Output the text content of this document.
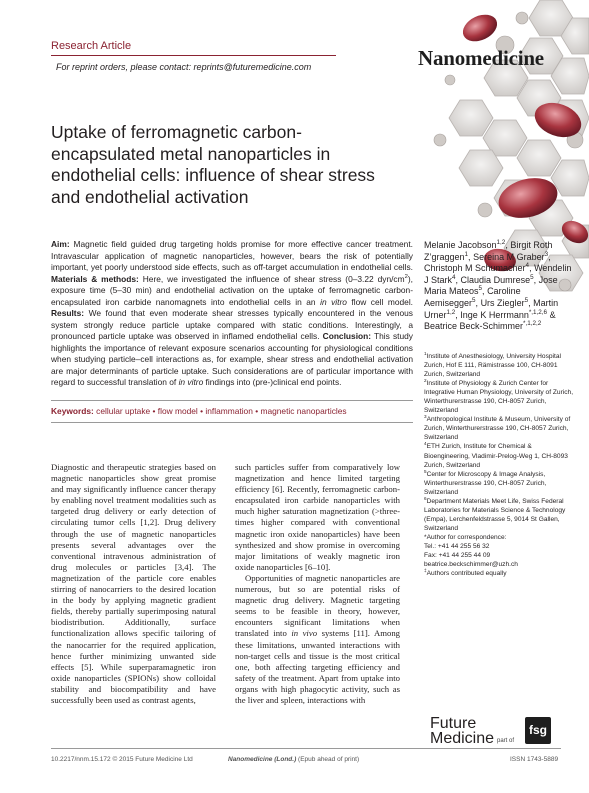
Research Article
For reprint orders, please contact: reprints@futuremedicine.com	Nanomedicine
Uptake of ferromagnetic carbon-encapsulated metal nanoparticles in endothelial cells: influence of shear stress and endothelial activation
Aim: Magnetic field guided drug targeting holds promise for more effective cancer treatment. Intravascular application of magnetic nanoparticles, however, bears the risk of potentially important, yet poorly understood side effects, such as off-target accumulation in endothelial cells. Materials & methods: Here, we investigated the influence of shear stress (0–3.22 dyn/$cm^2$), exposure time (5–30 min) and endothelial activation on the uptake of ferromagnetic carbon-encapsulated iron carbide nanomagnets into endothelial cells in an in vitro flow cell model. Results: We found that even moderate shear stresses typically encountered in the venous system strongly reduce particle uptake compared with static conditions. Interestingly, a pronounced particle uptake was observed in inflamed endothelial cells. Conclusion: This study highlights the importance of relevant exposure scenarios accounting for physiological conditions when studying particle–cell interactions as, for example, shear stress and endothelial activation are major determinants of particle uptake. Such considerations are of particular importance with regard to successful translation of in vitro findings into (pre-)clinical end points.
Keywords: cellular uptake • flow model • inflammation • magnetic nanoparticles
Melanie Jacobson$^{1,2}$, Birgit Roth Z’graggen$^1$, Sereina M Graber$^3$, Christoph M Schumacher$^4$, Wendelin J Stark$^4$, Claudia Dumrese$^5$, Jose Maria Mateos$^5$, Caroline Aemisegger$^5$, Urs Ziegler$^5$, Martin Urner$^{1,2}$, Inge K Herrmann$^{*,1,2,6}$ & Beatrice Beck-Schimmer$^{*,1,2,2}$
$^1$Institute of Anesthesiology, University Hospital Zurich, Hof E 111, Rämistrasse 100, CH-8091 Zurich, Switzerland
$^2$Institute of Physiology & Zurich Center for Integrative Human Physiology, University of Zurich, Winterthurerstrasse 190, CH-8057 Zurich, Switzerland
$^3$Anthropological Institute & Museum, University of Zurich, Winterthurerstrasse 190, CH-8057 Zurich, Switzerland
$^4$ETH Zurich, Institute for Chemical & Bioengineering, Vladimir-Prelog-Weg 1, CH-8093 Zurich, Switzerland
$^5$Center for Microscopy & Image Analysis, Winterthurerstrasse 190, CH-8057 Zurich, Switzerland
$^6$Department Materials Meet Life, Swiss Federal Laboratories for Materials Science & Technology (Empa), Lerchenfeldstrasse 5, 9014 St Gallen, Switzerland
*Author for correspondence:
Tel.: +41 44 255 56 32
Fax: +41 44 255 44 09
beatrice.beckschimmer@uzh.ch
‡Authors contributed equally

Diagnostic and therapeutic strategies based on magnetic nanoparticles show great promise and may significantly influence cancer therapy by enabling novel treatment modalities such as targeted drug delivery or early detection of circulating tumor cells [1,2]. Drug delivery through the use of magnetic nanoparticles presents several advantages over the conventional intravenous administration of drug molecules or particles [3,4]. The magnetization of the particle core enables stirring of nanocarriers to the desired location in the body by applying magnetic gradient fields, thereby partially superimposing natural biodistribution. Additionally, surface functionalization allows specific tailoring of the nanocarrier for the required application, hence further minimizing unwanted side effects [5]. While superparamagnetic iron oxide nanoparticles (SPIONs) show colloidal stability and biocompatibility and have successfully been used as contrast agents,

such particles suffer from comparatively low magnetization and hence limited targeting efficiency [6]. Recently, ferromagnetic carbon-encapsulated iron carbide nanoparticles with much higher saturation magnetization (>three-times higher compared with conventional magnetic iron oxide nanoparticles) have been synthesized and show promise in overcoming major limitations of weakly magnetic iron oxide nanoparticles [6–10].

Opportunities of magnetic nanoparticles are numerous, but so are potential risks of magnetic drug delivery. Magnetic targeting seems to be feasible in theory, however, encounters significant limitations when translated into in vivo systems [11]. Among these limitations, unwanted interactions with non-target cells and tissue is the most critical one, both affecting targeting efficiency and safety of the treatment. Apart from uptake into organs with high phagocytic activity, such as the liver and spleen, interactions with

Future
Medicine part of
fsg
10.2217/nnm.15.172 © 2015 Future Medicine Ltd	Nanomedicine (Lond.) (Epub ahead of print)	ISSN 1743-5889
